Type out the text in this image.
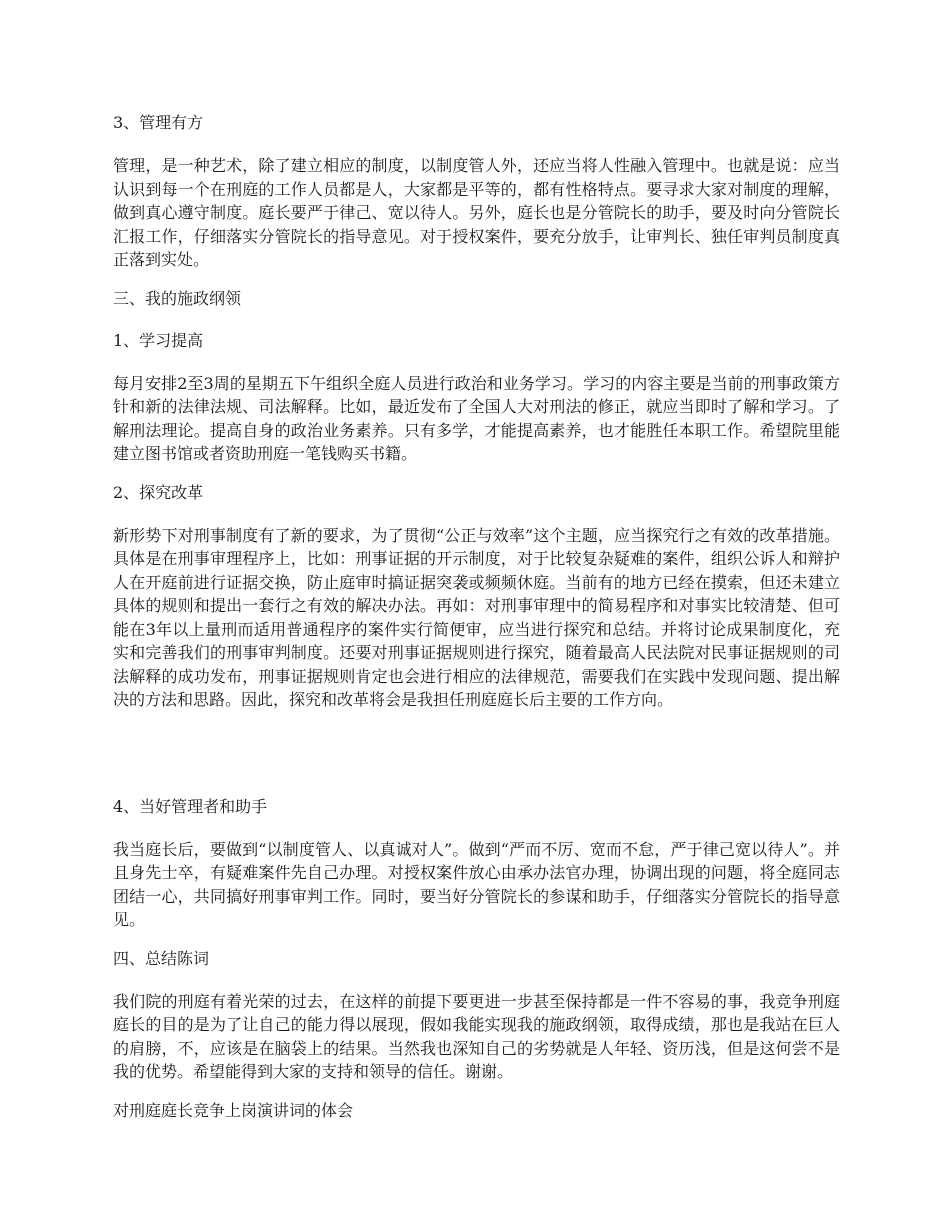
3、管理有方
管理，是一种艺术，除了建立相应的制度，以制度管人外，还应当将人性融入管理中。也就是说：应当认识到每一个在刑庭的工作人员都是人，大家都是平等的，都有性格特点。要寻求大家对制度的理解，做到真心遵守制度。庭长要严于律己、宽以待人。另外，庭长也是分管院长的助手，要及时向分管院长汇报工作，仔细落实分管院长的指导意见。对于授权案件，要充分放手，让审判长、独任审判员制度真正落到实处。
三、我的施政纲领
1、学习提高
每月安排2至3周的星期五下午组织全庭人员进行政治和业务学习。学习的内容主要是当前的刑事政策方针和新的法律法规、司法解释。比如，最近发布了全国人大对刑法的修正，就应当即时了解和学习。了解刑法理论。提高自身的政治业务素养。只有多学，才能提高素养，也才能胜任本职工作。希望院里能建立图书馆或者资助刑庭一笔钱购买书籍。
2、探究改革
新形势下对刑事制度有了新的要求，为了贯彻“公正与效率”这个主题，应当探究行之有效的改革措施。具体是在刑事审理程序上，比如：刑事证据的开示制度，对于比较复杂疑难的案件，组织公诉人和辩护人在开庭前进行证据交换，防止庭审时搞证据突袭或频频休庭。当前有的地方已经在摸索，但还未建立具体的规则和提出一套行之有效的解决办法。再如：对刑事审理中的简易程序和对事实比较清楚、但可能在3年以上量刑而适用普通程序的案件实行简便审，应当进行探究和总结。并将讨论成果制度化，充实和完善我们的刑事审判制度。还要对刑事证据规则进行探究，随着最高人民法院对民事证据规则的司法解释的成功发布，刑事证据规则肯定也会进行相应的法律规范，需要我们在实践中发现问题、提出解决的方法和思路。因此，探究和改革将会是我担任刑庭庭长后主要的工作方向。
4、当好管理者和助手
我当庭长后，要做到“以制度管人、以真诚对人”。做到“严而不厉、宽而不怠，严于律己宽以待人”。并且身先士卒，有疑难案件先自己办理。对授权案件放心由承办法官办理，协调出现的问题，将全庭同志团结一心，共同搞好刑事审判工作。同时，要当好分管院长的参谋和助手，仔细落实分管院长的指导意见。
四、总结陈词
我们院的刑庭有着光荣的过去，在这样的前提下要更进一步甚至保持都是一件不容易的事，我竞争刑庭庭长的目的是为了让自己的能力得以展现，假如我能实现我的施政纲领，取得成绩，那也是我站在巨人的肩膀，不，应该是在脑袋上的结果。当然我也深知自己的劣势就是人年轻、资历浅，但是这何尝不是我的优势。希望能得到大家的支持和领导的信任。谢谢。
对刑庭庭长竞争上岗演讲词的体会
